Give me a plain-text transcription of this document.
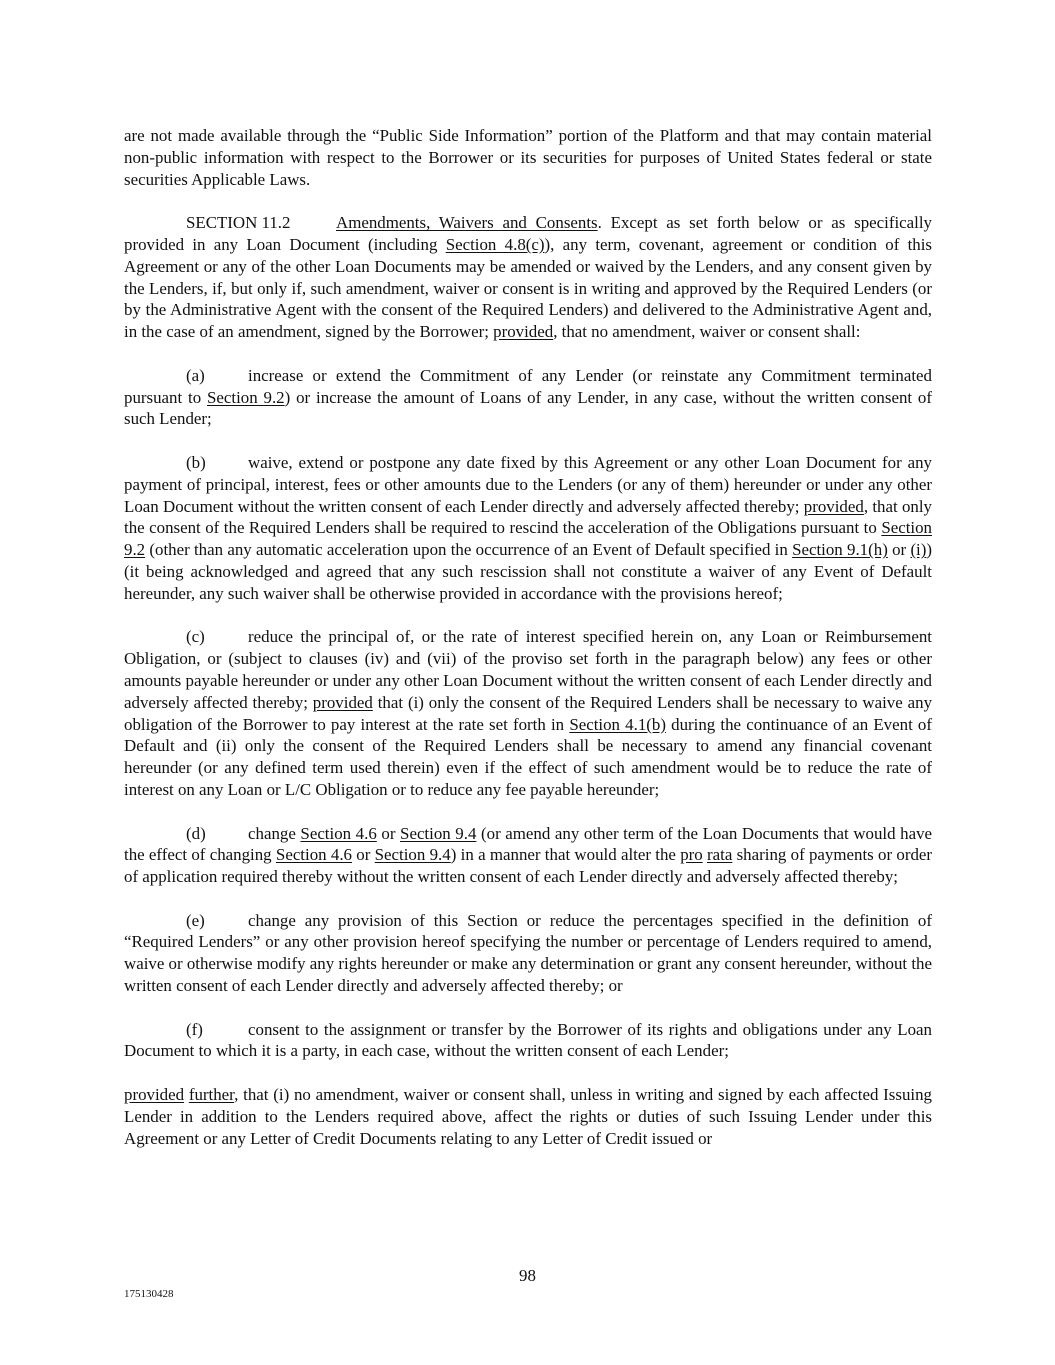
are not made available through the “Public Side Information” portion of the Platform and that may contain material non-public information with respect to the Borrower or its securities for purposes of United States federal or state securities Applicable Laws.

SECTION 11.2	Amendments, Waivers and Consents. Except as set forth below or as specifically provided in any Loan Document (including Section 4.8(c)), any term, covenant, agreement or condition of this Agreement or any of the other Loan Documents may be amended or waived by the Lenders, and any consent given by the Lenders, if, but only if, such amendment, waiver or consent is in writing and approved by the Required Lenders (or by the Administrative Agent with the consent of the Required Lenders) and delivered to the Administrative Agent and, in the case of an amendment, signed by the Borrower; provided, that no amendment, waiver or consent shall:

(a)	increase or extend the Commitment of any Lender (or reinstate any Commitment terminated pursuant to Section 9.2) or increase the amount of Loans of any Lender, in any case, without the written consent of such Lender;

(b)	waive, extend or postpone any date fixed by this Agreement or any other Loan Document for any payment of principal, interest, fees or other amounts due to the Lenders (or any of them) hereunder or under any other Loan Document without the written consent of each Lender directly and adversely affected thereby; provided, that only the consent of the Required Lenders shall be required to rescind the acceleration of the Obligations pursuant to Section 9.2 (other than any automatic acceleration upon the occurrence of an Event of Default specified in Section 9.1(h) or (i)) (it being acknowledged and agreed that any such rescission shall not constitute a waiver of any Event of Default hereunder, any such waiver shall be otherwise provided in accordance with the provisions hereof;

(c)	reduce the principal of, or the rate of interest specified herein on, any Loan or Reimbursement Obligation, or (subject to clauses (iv) and (vii) of the proviso set forth in the paragraph below) any fees or other amounts payable hereunder or under any other Loan Document without the written consent of each Lender directly and adversely affected thereby; provided that (i) only the consent of the Required Lenders shall be necessary to waive any obligation of the Borrower to pay interest at the rate set forth in Section 4.1(b) during the continuance of an Event of Default and (ii) only the consent of the Required Lenders shall be necessary to amend any financial covenant hereunder (or any defined term used therein) even if the effect of such amendment would be to reduce the rate of interest on any Loan or L/C Obligation or to reduce any fee payable hereunder;

(d)	change Section 4.6 or Section 9.4 (or amend any other term of the Loan Documents that would have the effect of changing Section 4.6 or Section 9.4) in a manner that would alter the pro rata sharing of payments or order of application required thereby without the written consent of each Lender directly and adversely affected thereby;

(e)	change any provision of this Section or reduce the percentages specified in the definition of “Required Lenders” or any other provision hereof specifying the number or percentage of Lenders required to amend, waive or otherwise modify any rights hereunder or make any determination or grant any consent hereunder, without the written consent of each Lender directly and adversely affected thereby; or

(f)	consent to the assignment or transfer by the Borrower of its rights and obligations under any Loan Document to which it is a party, in each case, without the written consent of each Lender;

provided further, that (i) no amendment, waiver or consent shall, unless in writing and signed by each affected Issuing Lender in addition to the Lenders required above, affect the rights or duties of such Issuing Lender under this Agreement or any Letter of Credit Documents relating to any Letter of Credit issued or

98
175130428
